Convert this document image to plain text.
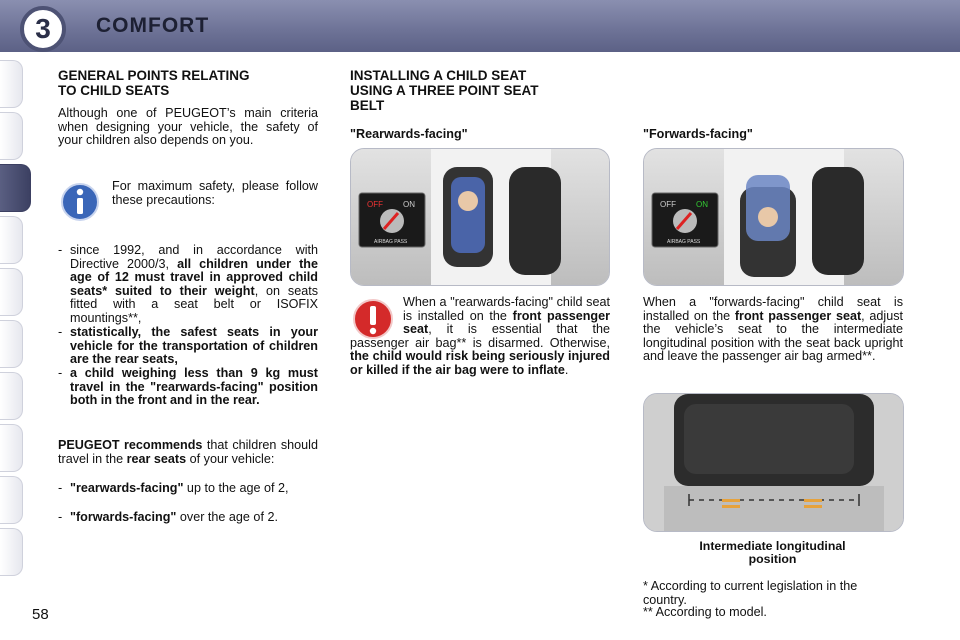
3	COMFORT
GENERAL POINTS RELATING
TO CHILD SEATS
Although one of PEUGEOT’s main criteria when designing your vehicle, the safety of your children also depends on you.
For maximum safety, please follow these precautions:
- since 1992, and in accordance with Directive 2000/3, all children under the age of 12 must travel in approved child seats* suited to their weight, on seats fitted with a seat belt or ISOFIX mountings**,
- statistically, the safest seats in your vehicle for the transportation of children are the rear seats,
- a child weighing less than 9 kg must travel in the "rearwards-facing" position both in the front and in the rear.
PEUGEOT recommends that children should travel in the rear seats of your vehicle:
- "rearwards-facing" up to the age of 2,
- "forwards-facing" over the age of 2.
INSTALLING A CHILD SEAT
USING A THREE POINT SEAT
BELT
"Rearwards-facing"
OFF	ON
AIRBAG PASS
When a "rearwards-facing" child seat is installed on the front passenger seat, it is essential that the passenger air bag** is disarmed. Otherwise, the child would risk being seriously injured or killed if the air bag were to inflate.
"Forwards-facing"
OFF	ON
AIRBAG PASS
When a "forwards-facing" child seat is installed on the front passenger seat, adjust the vehicle’s seat to the intermediate longitudinal position with the seat back upright and leave the passenger air bag armed**.
Intermediate longitudinal
position
* According to current legislation in the country.
** According to model.
58
